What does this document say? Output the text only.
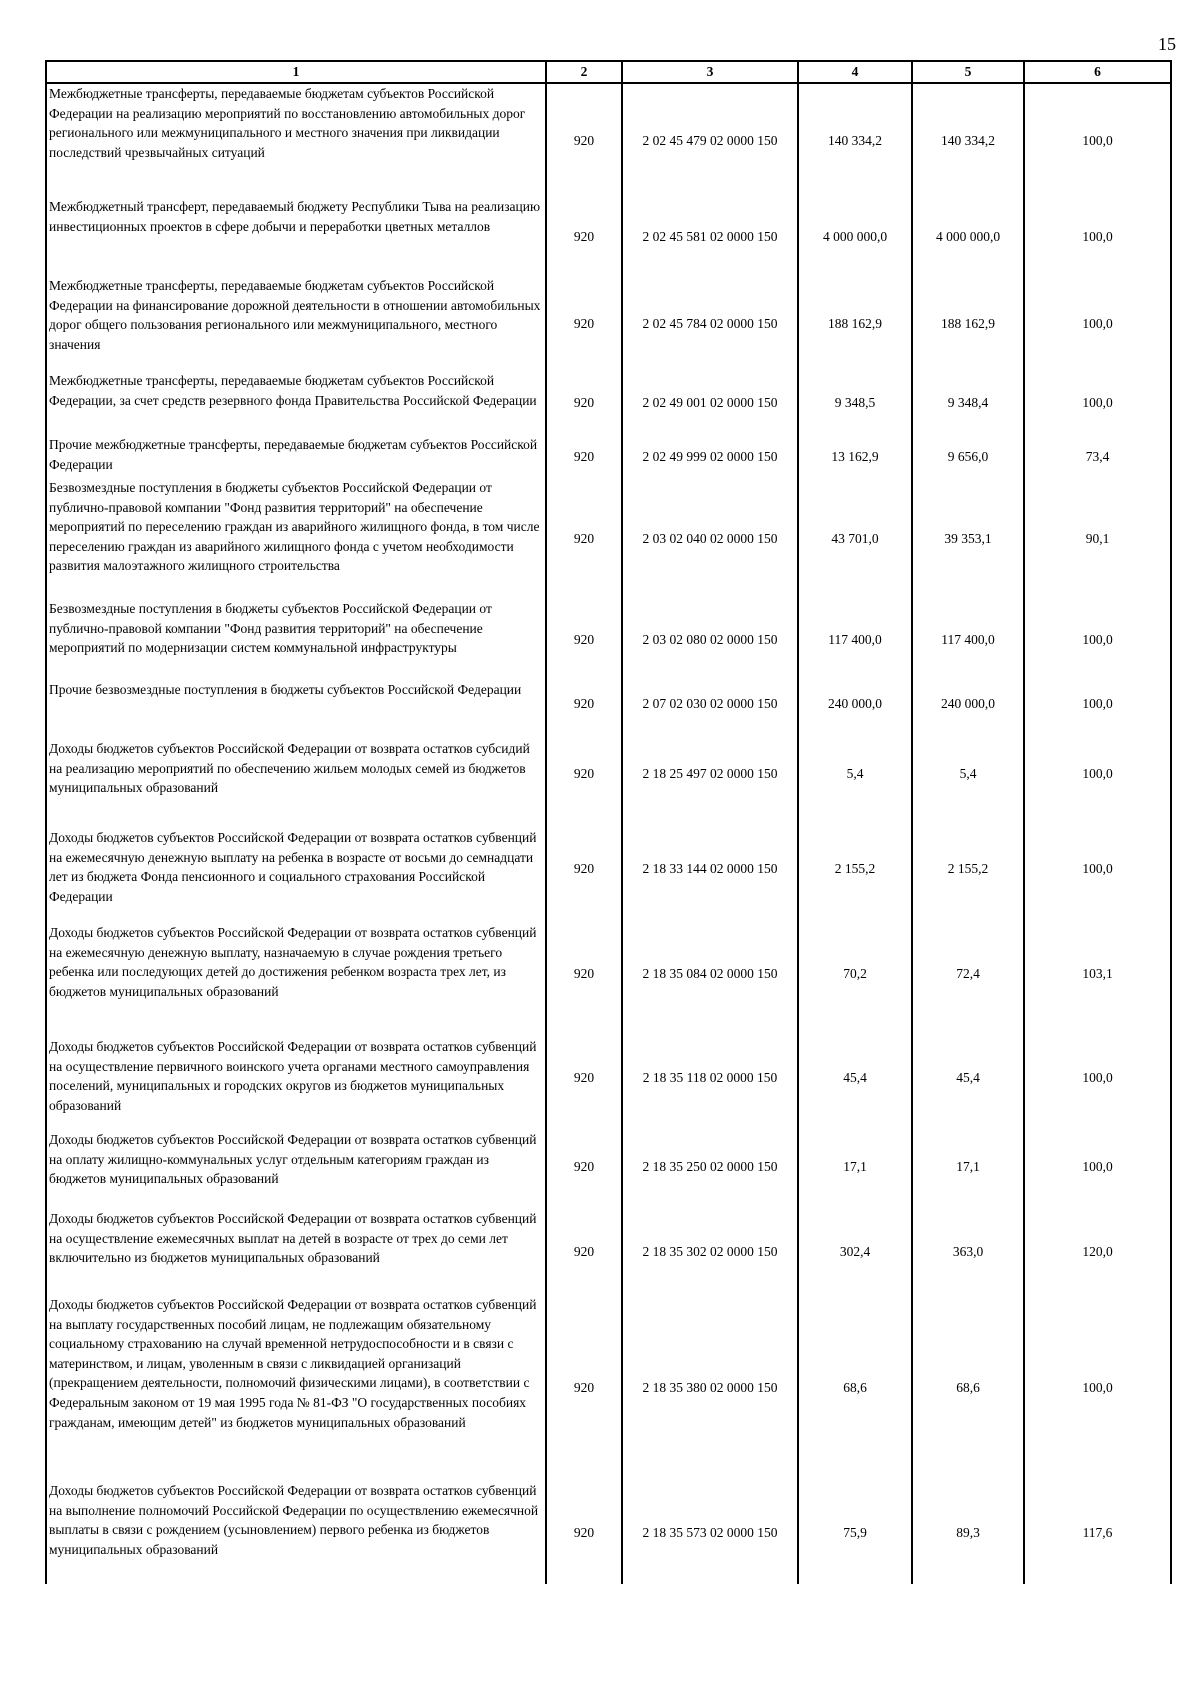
15
1	2	3	4	5	6
Межбюджетные трансферты, передаваемые бюджетам субъектов Российской Федерации на реализацию мероприятий по восстановлению автомобильных дорог регионального или межмуниципального и местного значения при ликвидации последствий чрезвычайных ситуаций	920	2 02 45 479 02 0000 150	140 334,2	140 334,2	100,0
Межбюджетный трансферт, передаваемый бюджету Республики Тыва на реализацию инвестиционных проектов в сфере добычи и переработки цветных металлов	920	2 02 45 581 02 0000 150	4 000 000,0	4 000 000,0	100,0
Межбюджетные трансферты, передаваемые бюджетам субъектов Российской Федерации на финансирование дорожной деятельности в отношении автомобильных дорог общего пользования регионального или межмуниципального, местного значения	920	2 02 45 784 02 0000 150	188 162,9	188 162,9	100,0
Межбюджетные трансферты, передаваемые бюджетам субъектов Российской Федерации, за счет средств резервного фонда Правительства Российской Федерации	920	2 02 49 001 02 0000 150	9 348,5	9 348,4	100,0
Прочие межбюджетные трансферты, передаваемые бюджетам субъектов Российской Федерации	920	2 02 49 999 02 0000 150	13 162,9	9 656,0	73,4
Безвозмездные поступления в бюджеты субъектов Российской Федерации от публично-правовой компании "Фонд развития территорий" на обеспечение мероприятий по переселению граждан из аварийного жилищного фонда, в том числе переселению граждан из аварийного жилищного фонда с учетом необходимости развития малоэтажного жилищного строительства	920	2 03 02 040 02 0000 150	43 701,0	39 353,1	90,1
Безвозмездные поступления в бюджеты субъектов Российской Федерации от публично-правовой компании "Фонд развития территорий" на обеспечение мероприятий по модернизации систем коммунальной инфраструктуры	920	2 03 02 080 02 0000 150	117 400,0	117 400,0	100,0
Прочие безвозмездные поступления в бюджеты субъектов Российской Федерации	920	2 07 02 030 02 0000 150	240 000,0	240 000,0	100,0
Доходы бюджетов субъектов Российской Федерации от возврата остатков субсидий на реализацию мероприятий по обеспечению жильем молодых семей из бюджетов муниципальных образований	920	2 18 25 497 02 0000 150	5,4	5,4	100,0
Доходы бюджетов субъектов Российской Федерации от возврата остатков субвенций на ежемесячную денежную выплату на ребенка в возрасте от восьми до семнадцати лет из бюджета Фонда пенсионного и социального страхования Российской Федерации	920	2 18 33 144 02 0000 150	2 155,2	2 155,2	100,0
Доходы бюджетов субъектов Российской Федерации от возврата остатков субвенций на ежемесячную денежную выплату, назначаемую в случае рождения третьего ребенка или последующих детей до достижения ребенком возраста трех лет, из бюджетов муниципальных образований	920	2 18 35 084 02 0000 150	70,2	72,4	103,1
Доходы бюджетов субъектов Российской Федерации от возврата остатков субвенций на осуществление первичного воинского учета органами местного самоуправления поселений, муниципальных и городских округов из бюджетов муниципальных образований	920	2 18 35 118 02 0000 150	45,4	45,4	100,0
Доходы бюджетов субъектов Российской Федерации от возврата остатков субвенций на оплату жилищно-коммунальных услуг отдельным категориям граждан из бюджетов муниципальных образований	920	2 18 35 250 02 0000 150	17,1	17,1	100,0
Доходы бюджетов субъектов Российской Федерации от возврата остатков субвенций на осуществление ежемесячных выплат на детей в возрасте от трех до семи лет включительно из бюджетов муниципальных образований	920	2 18 35 302 02 0000 150	302,4	363,0	120,0
Доходы бюджетов субъектов Российской Федерации от возврата остатков субвенций на выплату государственных пособий лицам, не подлежащим обязательному социальному страхованию на случай временной нетрудоспособности и в связи с материнством, и лицам, уволенным в связи с ликвидацией организаций (прекращением деятельности, полномочий физическими лицами), в соответствии с Федеральным законом от 19 мая 1995 года № 81-ФЗ "О государственных пособиях гражданам, имеющим детей" из бюджетов муниципальных образований	920	2 18 35 380 02 0000 150	68,6	68,6	100,0
Доходы бюджетов субъектов Российской Федерации от возврата остатков субвенций на выполнение полномочий Российской Федерации по осуществлению ежемесячной выплаты в связи с рождением (усыновлением) первого ребенка из бюджетов муниципальных образований	920	2 18 35 573 02 0000 150	75,9	89,3	117,6
